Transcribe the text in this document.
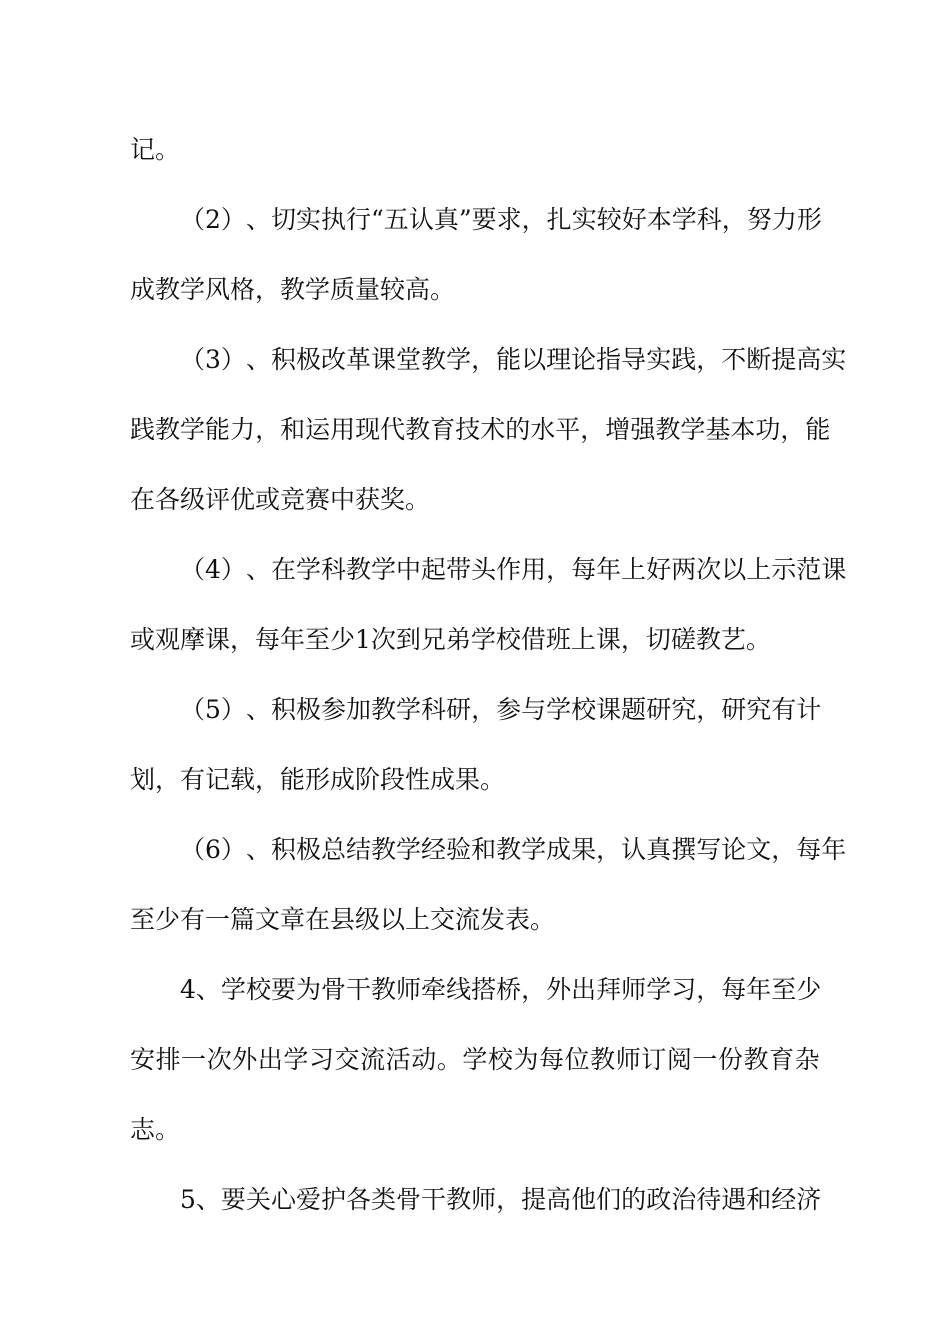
记。
（ 2 ） 、 切 实 执 行 “ 五 认 真 ” 要 求 ， 扎 实 较 好 本 学 科 ， 努 力 形
成教学风格，教学质量较高。
（ 3 ） 、 积 极 改 革 课 堂 教 学 ， 能 以 理 论 指 导 实 践 ， 不 断 提 高 实
践 教 学 能 力 ， 和 运 用 现 代 教 育 技 术 的 水 平 ， 增 强 教 学 基 本 功 ， 能
在各级评优或竞赛中获奖。
（ 4 ） 、 在 学 科 教 学 中 起 带 头 作 用 ， 每 年 上 好 两 次 以 上 示 范 课
或观摩课，每年至少1次到兄弟学校借班上课，切磋教艺。
（ 5 ） 、 积 极 参 加 教 学 科 研 ， 参 与 学 校 课 题 研 究 ， 研 究 有 计
划，有记载，能形成阶段性成果。
（ 6 ） 、 积 极 总 结 教 学 经 验 和 教 学 成 果 ， 认 真 撰 写 论 文 ， 每 年
至少有一篇文章在县级以上交流发表。
4 、 学 校 要 为 骨 干 教 师 牵 线 搭 桥 ， 外 出 拜 师 学 习 ， 每 年 至 少
安 排 一 次 外 出 学 习 交 流 活 动 。 学 校 为 每 位 教 师 订 阅 一 份 教 育 杂
志。
5 、 要 关 心 爱 护 各 类 骨 干 教 师 ， 提 高 他 们 的 政 治 待 遇 和 经 济
